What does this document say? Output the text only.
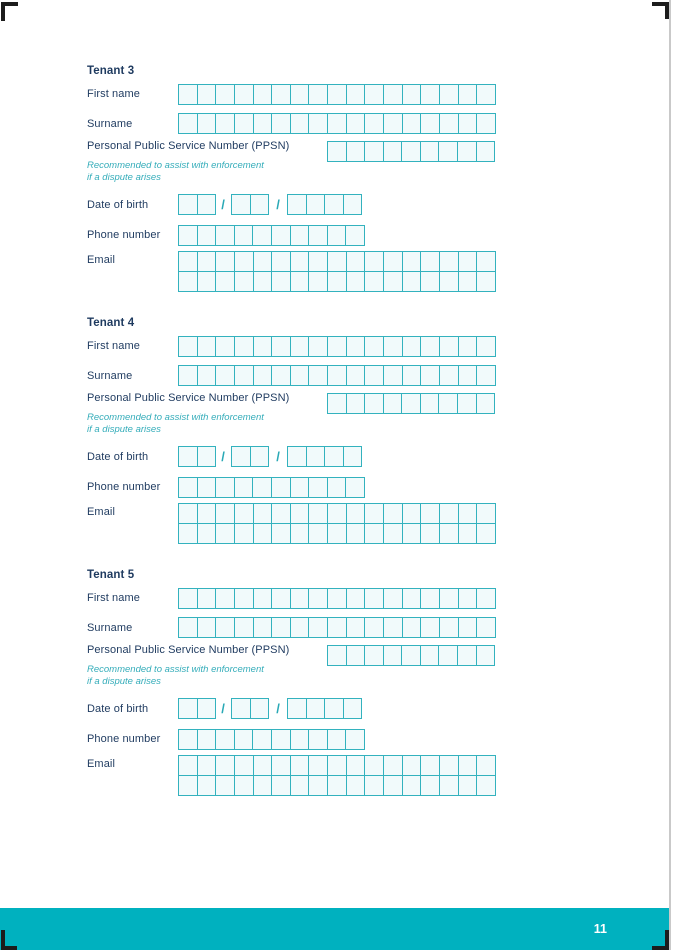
Tenant 3
First name
Surname
Personal Public Service Number (PPSN)
Recommended to assist with enforcement
if a dispute arises
Date of birth	/	/
Phone number
Email
Tenant 4
First name
Surname
Personal Public Service Number (PPSN)
Recommended to assist with enforcement
if a dispute arises
Date of birth	/	/
Phone number
Email
Tenant 5
First name
Surname
Personal Public Service Number (PPSN)
Recommended to assist with enforcement
if a dispute arises
Date of birth	/	/
Phone number
Email
11
